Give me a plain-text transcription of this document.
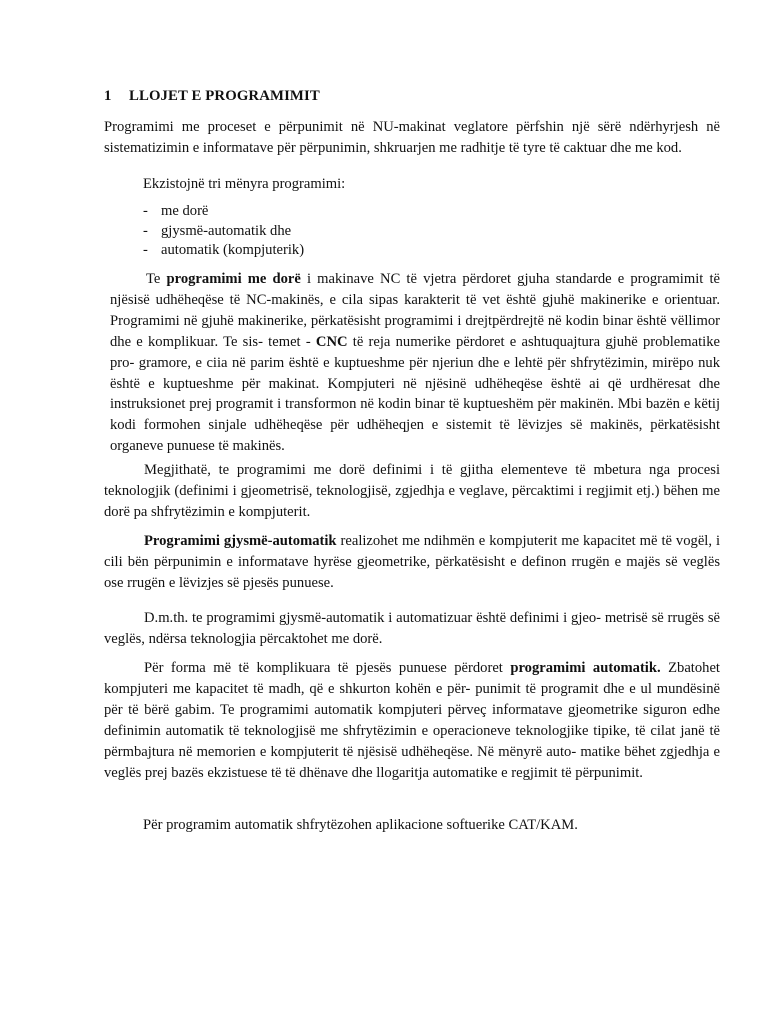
1 LLOJET E PROGRAMIMIT

Programimi me proceset e përpunimit në NU-makinat veglatore përfshin një sërë ndërhyrjesh në sistematizimin e informatave për përpunimin, shkruarjen me radhitje të tyre të caktuar dhe me kod.

Ekzistojnë tri mënyra programimi:

- me dorë
- gjysmë-automatik dhe
- automatik (kompjuterik)

Te programimi me dorë i makinave NC të vjetra përdoret gjuha standarde e programimit të njësisë udhëheqëse të NC-makinës, e cila sipas karakterit të vet është gjuhë makinerike e orientuar. Programimi në gjuhë makinerike, përkatësisht programimi i drejtpërdrejtë në kodin binar është vëllimor dhe e komplikuar. Te sis- temet - CNC të reja numerike përdoret e ashtuquajtura gjuhë problematike pro- gramore, e ciia në parim është e kuptueshme për njeriun dhe e lehtë për shfrytëzimin, mirëpo nuk është e kuptueshme për makinat. Kompjuteri në njësinë udhëheqëse është ai që urdhëresat dhe instruksionet prej programit i transformon në kodin binar të kuptueshëm për makinën. Mbi bazën e këtij kodi formohen sinjale udhëheqëse për udhëheqjen e sistemit të lëvizjes së makinës, përkatësisht organeve punuese të makinës.

Megjithatë, te programimi me dorë definimi i të gjitha elementeve të mbetura nga procesi teknologjik (definimi i gjeometrisë, teknologjisë, zgjedhja e veglave, përcaktimi i regjimit etj.) bëhen me dorë pa shfrytëzimin e kompjuterit.

Programimi gjysmë-automatik realizohet me ndihmën e kompjuterit me kapacitet më të vogël, i cili bën përpunimin e informatave hyrëse gjeometrike, përkatësisht e definon rrugën e majës së veglës ose rrugën e lëvizjes së pjesës punuese.

D.m.th. te programimi gjysmë-automatik i automatizuar është definimi i gjeo- metrisë së rrugës së veglës, ndërsa teknologjia përcaktohet me dorë.

Për forma më të komplikuara të pjesës punuese përdoret programimi automatik. Zbatohet kompjuteri me kapacitet të madh, që e shkurton kohën e për- punimit të programit dhe e ul mundësinë për të bërë gabim. Te programimi automatik kompjuteri përveç informatave gjeometrike siguron edhe definimin automatik të teknologjisë me shfrytëzimin e operacioneve teknologjike tipike, të cilat janë të përmbajtura në memorien e kompjuterit të njësisë udhëheqëse. Në mënyrë auto- matike bëhet zgjedhja e veglës prej bazës ekzistuese të të dhënave dhe llogaritja automatike e regjimit të përpunimit.

Për programim automatik shfrytëzohen aplikacione softuerike CAT/KAM.
